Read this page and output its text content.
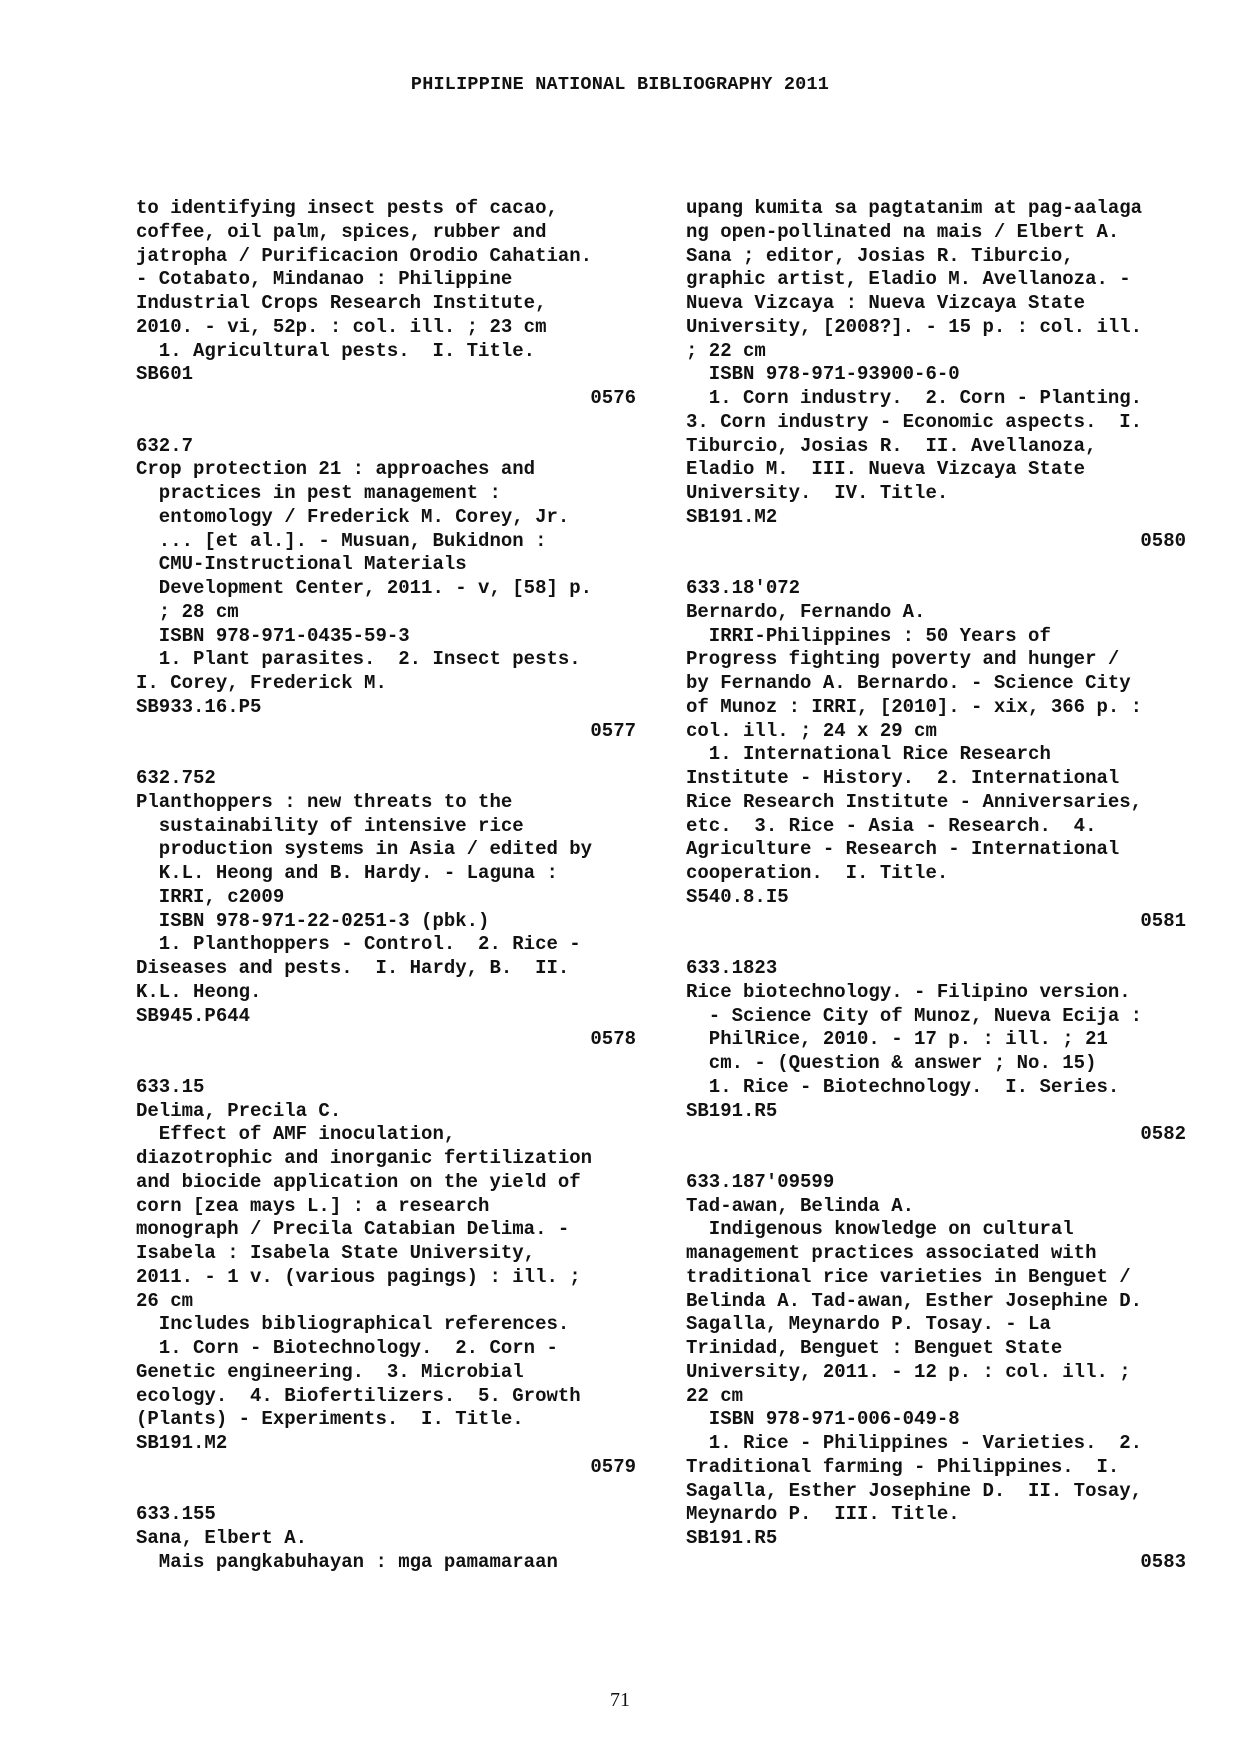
PHILIPPINE NATIONAL BIBLIOGRAPHY 2011
to identifying insect pests of cacao,
coffee, oil palm, spices, rubber and
jatropha / Purificacion Orodio Cahatian.
- Cotabato, Mindanao : Philippine
Industrial Crops Research Institute,
2010. - vi, 52p. : col. ill. ; 23 cm
1. Agricultural pests.  I. Title.
SB601
0576
632.7
Crop protection 21 : approaches and
practices in pest management :
entomology / Frederick M. Corey, Jr.
... [et al.]. - Musuan, Bukidnon :
CMU-Instructional Materials
Development Center, 2011. - v, [58] p.
; 28 cm
ISBN 978-971-0435-59-3
1. Plant parasites.  2. Insect pests.
I. Corey, Frederick M.
SB933.16.P5
0577
632.752
Planthoppers : new threats to the
sustainability of intensive rice
production systems in Asia / edited by
K.L. Heong and B. Hardy. - Laguna :
IRRI, c2009
ISBN 978-971-22-0251-3 (pbk.)
1. Planthoppers - Control.  2. Rice -
Diseases and pests.  I. Hardy, B.  II.
K.L. Heong.
SB945.P644
0578
633.15
Delima, Precila C.
Effect of AMF inoculation,
diazotrophic and inorganic fertilization
and biocide application on the yield of
corn [zea mays L.] : a research
monograph / Precila Catabian Delima. -
Isabela : Isabela State University,
2011. - 1 v. (various pagings) : ill. ;
26 cm
Includes bibliographical references.
1. Corn - Biotechnology.  2. Corn -
Genetic engineering.  3. Microbial
ecology.  4. Biofertilizers.  5. Growth
(Plants) - Experiments.  I. Title.
SB191.M2
0579
633.155
Sana, Elbert A.
Mais pangkabuhayan : mga pamamaraan
upang kumita sa pagtatanim at pag-aalaga
ng open-pollinated na mais / Elbert A.
Sana ; editor, Josias R. Tiburcio,
graphic artist, Eladio M. Avellanoza. -
Nueva Vizcaya : Nueva Vizcaya State
University, [2008?]. - 15 p. : col. ill.
; 22 cm
ISBN 978-971-93900-6-0
1. Corn industry.  2. Corn - Planting.
3. Corn industry - Economic aspects.  I.
Tiburcio, Josias R.  II. Avellanoza,
Eladio M.  III. Nueva Vizcaya State
University.  IV. Title.
SB191.M2
0580
633.18'072
Bernardo, Fernando A.
IRRI-Philippines : 50 Years of
Progress fighting poverty and hunger /
by Fernando A. Bernardo. - Science City
of Munoz : IRRI, [2010]. - xix, 366 p. :
col. ill. ; 24 x 29 cm
1. International Rice Research
Institute - History.  2. International
Rice Research Institute - Anniversaries,
etc.  3. Rice - Asia - Research.  4.
Agriculture - Research - International
cooperation.  I. Title.
S540.8.I5
0581
633.1823
Rice biotechnology. - Filipino version.
- Science City of Munoz, Nueva Ecija :
PhilRice, 2010. - 17 p. : ill. ; 21
cm. - (Question & answer ; No. 15)
1. Rice - Biotechnology.  I. Series.
SB191.R5
0582
633.187'09599
Tad-awan, Belinda A.
Indigenous knowledge on cultural
management practices associated with
traditional rice varieties in Benguet /
Belinda A. Tad-awan, Esther Josephine D.
Sagalla, Meynardo P. Tosay. - La
Trinidad, Benguet : Benguet State
University, 2011. - 12 p. : col. ill. ;
22 cm
ISBN 978-971-006-049-8
1. Rice - Philippines - Varieties.  2.
Traditional farming - Philippines.  I.
Sagalla, Esther Josephine D.  II. Tosay,
Meynardo P.  III. Title.
SB191.R5
0583
71
